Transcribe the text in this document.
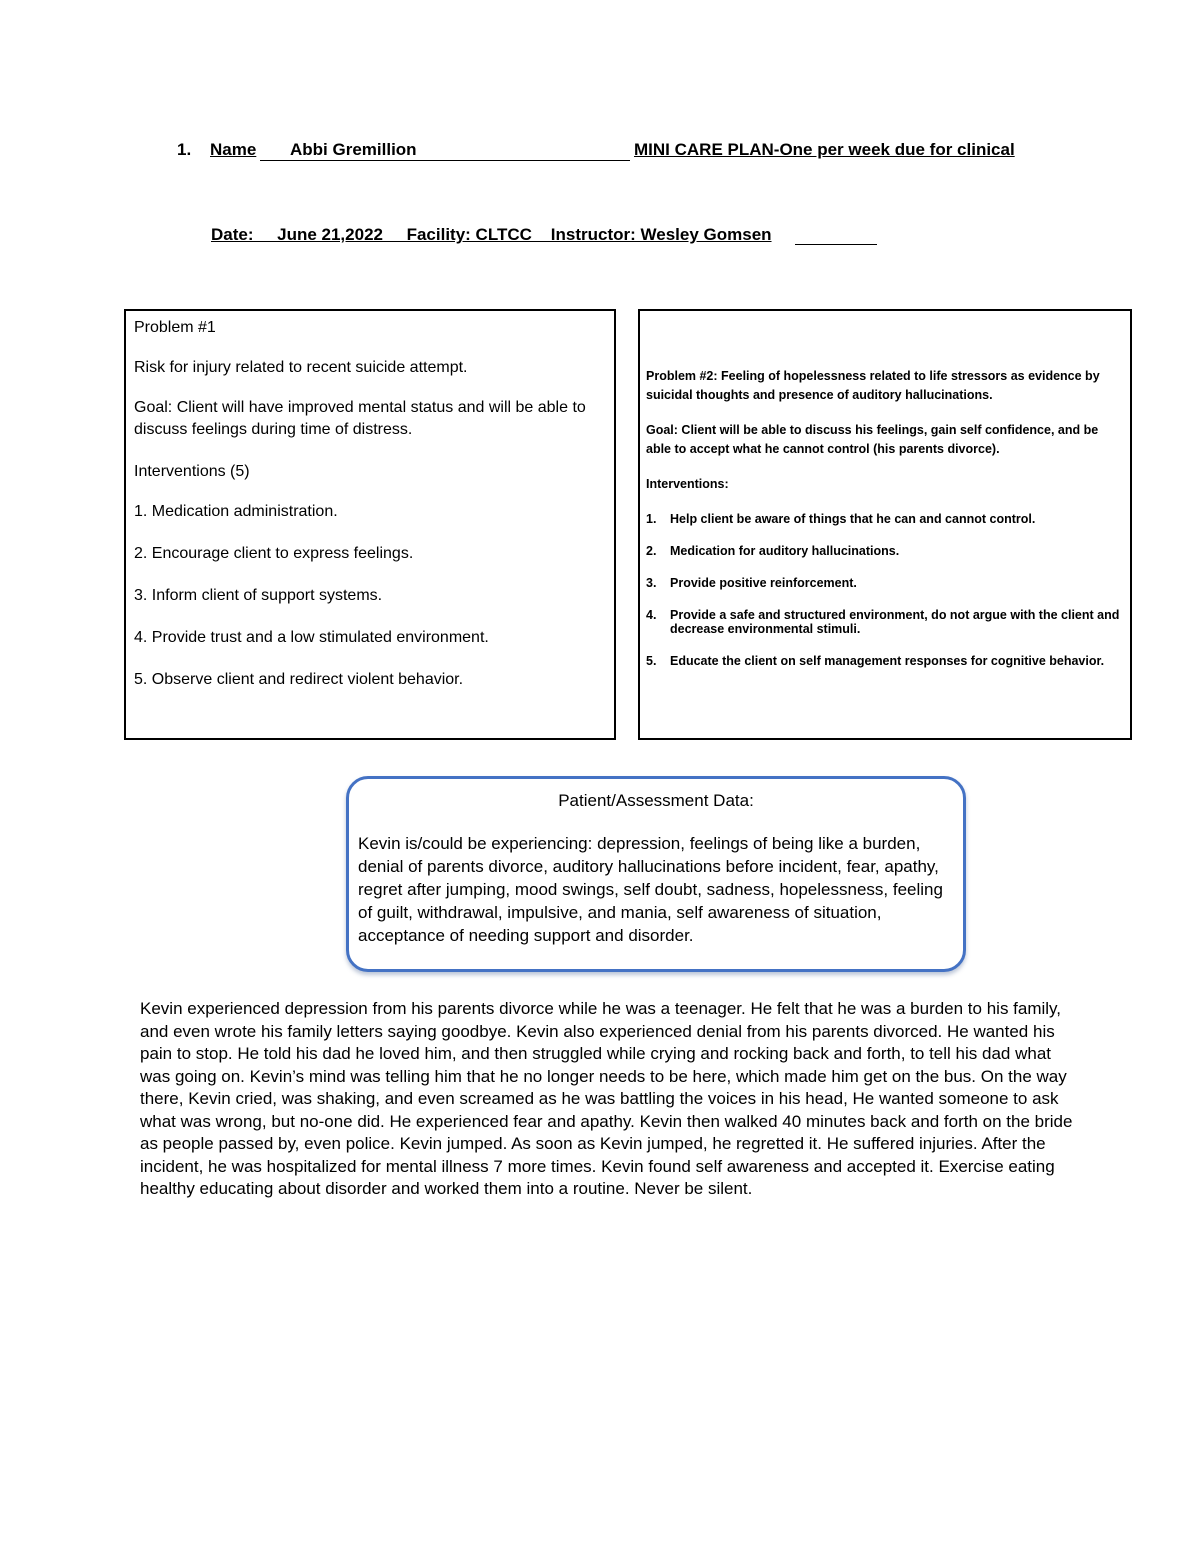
1. Name	Abbi Gremillion	MINI CARE PLAN-One per week due for clinical
Date:     June 21,2022     Facility: CLTCC    Instructor: Wesley Gomsen

Problem #1

Risk for injury related to recent suicide attempt.

Goal: Client will have improved mental status and will be able to discuss feelings during time of distress.

Interventions (5)

1. Medication administration.

2. Encourage client to express feelings.

3. Inform client of support systems.

4. Provide trust and a low stimulated environment.

5. Observe client and redirect violent behavior.

Problem #2: Feeling of hopelessness related to life stressors as evidence by suicidal thoughts and presence of auditory hallucinations.

Goal: Client will be able to discuss his feelings, gain self confidence, and be able to accept what he cannot control (his parents divorce).

Interventions:

1.	Help client be aware of things that he can and cannot control.
2.	Medication for auditory hallucinations.
3.	Provide positive reinforcement.
4.	Provide a safe and structured environment, do not argue with the client and decrease environmental stimuli.
5.	Educate the client on self management responses for cognitive behavior.
Patient/Assessment Data:
Kevin is/could be experiencing: depression, feelings of being like a burden, denial of parents divorce, auditory hallucinations before incident, fear, apathy, regret after jumping, mood swings, self doubt, sadness, hopelessness, feeling of guilt, withdrawal, impulsive, and mania, self awareness of situation, acceptance of needing support and disorder.
Kevin experienced depression from his parents divorce while he was a teenager. He felt that he was a burden to his family, and even wrote his family letters saying goodbye. Kevin also experienced denial from his parents divorced. He wanted his pain to stop. He told his dad he loved him, and then struggled while crying and rocking back and forth, to tell his dad what was going on. Kevin’s mind was telling him that he no longer needs to be here, which made him get on the bus. On the way there, Kevin cried, was shaking, and even screamed as he was battling the voices in his head, He wanted someone to ask what was wrong, but no-one did. He experienced fear and apathy. Kevin then walked 40 minutes back and forth on the bride as people passed by, even police. Kevin jumped. As soon as Kevin jumped, he regretted it. He suffered injuries. After the incident, he was hospitalized for mental illness 7 more times. Kevin found self awareness and accepted it. Exercise eating healthy educating about disorder and worked them into a routine. Never be silent.
